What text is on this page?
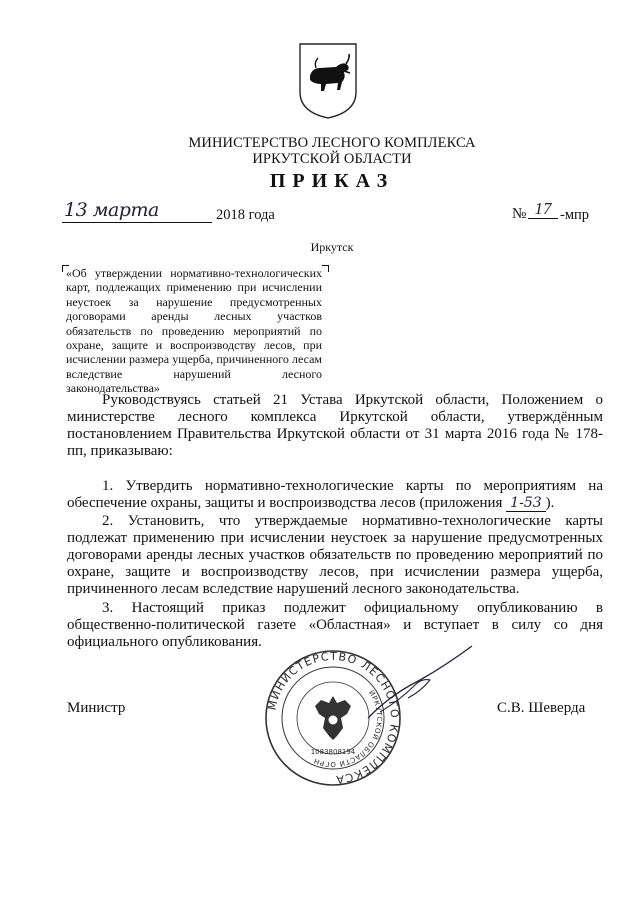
МИНИСТЕРСТВО ЛЕСНОГО КОМПЛЕКСА
ИРКУТСКОЙ ОБЛАСТИ
ПРИКАЗ
13 марта	2018 года	№ 17 -мпр
Иркутск
«Об утверждении нормативно-технологических карт, подлежащих применению при исчислении неустоек за нарушение предусмотренных договорами аренды лесных участков обязательств по проведению мероприятий по охране, защите и воспроизводству лесов, при исчислении размера ущерба, причиненного лесам вследствие нарушений лесного законодательства»

Руководствуясь статьей 21 Устава Иркутской области, Положением о министерстве лесного комплекса Иркутской области, утверждённым постановлением Правительства Иркутской области от 31 марта 2016 года № 178-пп, приказываю:

1. Утвердить нормативно-технологические карты по мероприятиям на обеспечение охраны, защиты и воспроизводства лесов (приложения 1-53 ).

2. Установить, что утверждаемые нормативно-технологические карты подлежат применению при исчислении неустоек за нарушение предусмотренных договорами аренды лесных участков обязательств по проведению мероприятий по охране, защите и воспроизводству лесов, при исчислении размера ущерба, причиненного лесам вследствие нарушений лесного законодательства.

3. Настоящий приказ подлежит официальному опубликованию в общественно-политической газете «Областная» и вступает в силу со дня официального опубликования.

Министр	С.В. Шеверда
МИНИСТЕРСТВО ЛЕСНОГО КОМПЛЕКСА
ИРКУТСКОЙ ОБЛАСТИ ОГРН
1083808194
